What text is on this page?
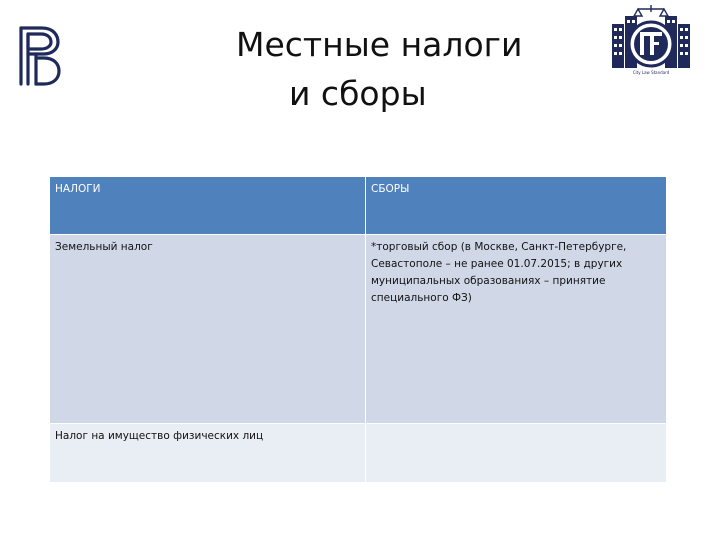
City Law Standard
Местные налоги
и сборы
НАЛОГИ	СБОРЫ
Земельный налог	*торговый сбор (в Москве, Санкт-Петербурге, Севастополе – не ранее 01.07.2015; в других муниципальных образованиях – принятие специального ФЗ)
Налог на имущество физических лиц	
